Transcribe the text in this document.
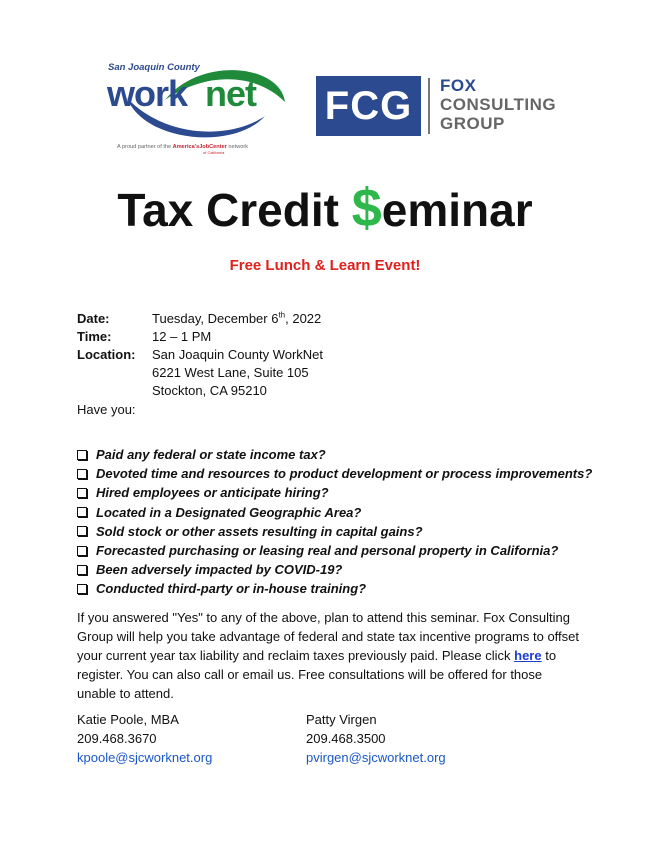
San Joaquin County
work net
A proud partner of the America'sJobCenter network
of California
FCG	FOX
CONSULTING
GROUP
Tax Credit $eminar
Free Lunch & Learn Event!
Date:	Tuesday, December 6th, 2022
Time:	12 – 1 PM
Location:	San Joaquin County WorkNet
6221 West Lane, Suite 105
Stockton, CA 95210
Have you:
Paid any federal or state income tax?
Devoted time and resources to product development or process improvements?
Hired employees or anticipate hiring?
Located in a Designated Geographic Area?
Sold stock or other assets resulting in capital gains?
Forecasted purchasing or leasing real and personal property in California?
Been adversely impacted by COVID-19?
Conducted third-party or in-house training?
If you answered "Yes" to any of the above, plan to attend this seminar. Fox Consulting Group will help you take advantage of federal and state tax incentive programs to offset your current year tax liability and reclaim taxes previously paid. Please click here to register. You can also call or email us. Free consultations will be offered for those unable to attend.
Katie Poole, MBA
209.468.3670
kpoole@sjcworknet.org
Patty Virgen
209.468.3500
pvirgen@sjcworknet.org
